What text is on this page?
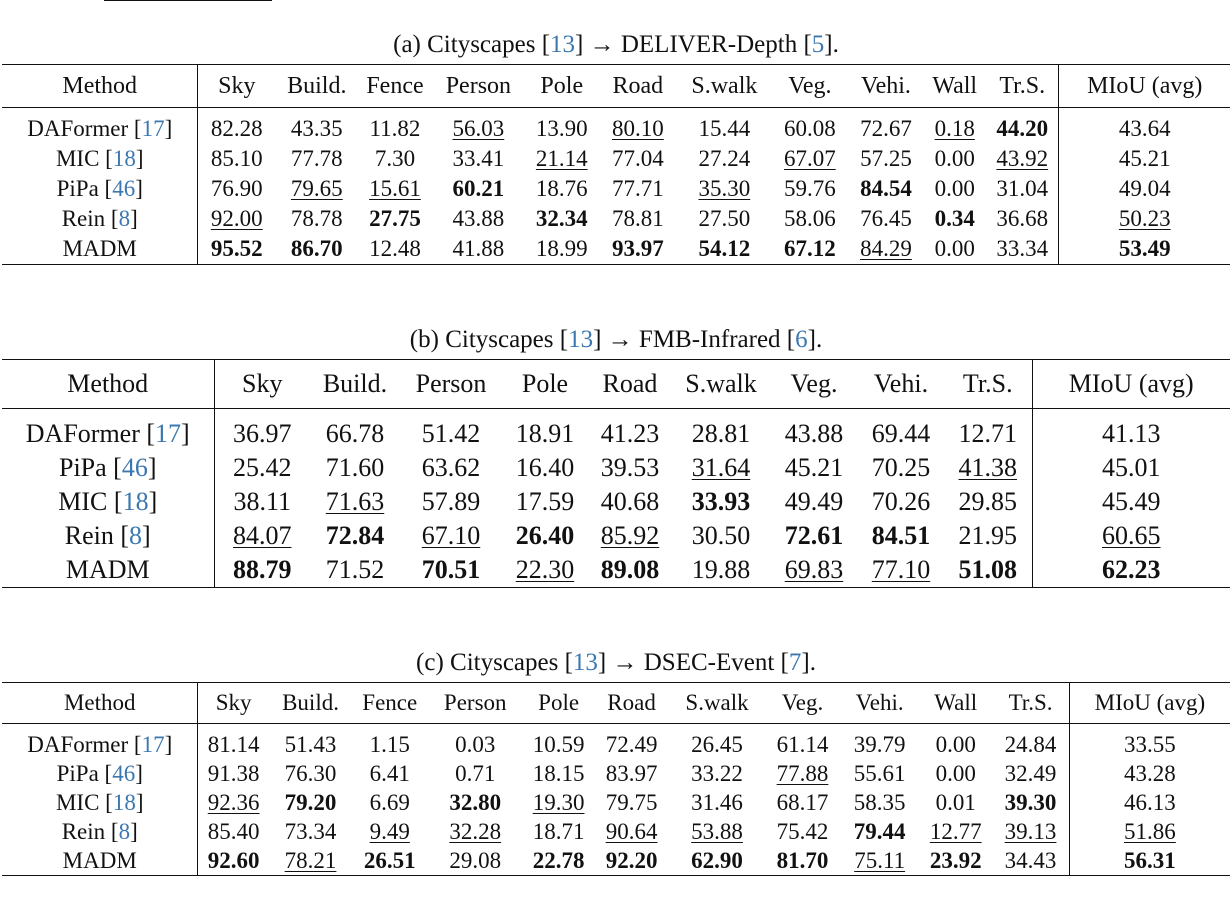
(a) Cityscapes [13] → DELIVER-Depth [5].
Method	Sky	Build.	Fence	Person	Pole	Road	S.walk	Veg.	Vehi.	Wall	Tr.S.	MIoU (avg)
DAFormer [17]	82.28	43.35	11.82	56.03	13.90	80.10	15.44	60.08	72.67	0.18	44.20	43.64
MIC [18]	85.10	77.78	7.30	33.41	21.14	77.04	27.24	67.07	57.25	0.00	43.92	45.21
PiPa [46]	76.90	79.65	15.61	60.21	18.76	77.71	35.30	59.76	84.54	0.00	31.04	49.04
Rein [8]	92.00	78.78	27.75	43.88	32.34	78.81	27.50	58.06	76.45	0.34	36.68	50.23
MADM	95.52	86.70	12.48	41.88	18.99	93.97	54.12	67.12	84.29	0.00	33.34	53.49
(b) Cityscapes [13] → FMB-Infrared [6].
Method	Sky	Build.	Person	Pole	Road	S.walk	Veg.	Vehi.	Tr.S.	MIoU (avg)
DAFormer [17]	36.97	66.78	51.42	18.91	41.23	28.81	43.88	69.44	12.71	41.13
PiPa [46]	25.42	71.60	63.62	16.40	39.53	31.64	45.21	70.25	41.38	45.01
MIC [18]	38.11	71.63	57.89	17.59	40.68	33.93	49.49	70.26	29.85	45.49
Rein [8]	84.07	72.84	67.10	26.40	85.92	30.50	72.61	84.51	21.95	60.65
MADM	88.79	71.52	70.51	22.30	89.08	19.88	69.83	77.10	51.08	62.23
(c) Cityscapes [13] → DSEC-Event [7].
Method	Sky	Build.	Fence	Person	Pole	Road	S.walk	Veg.	Vehi.	Wall	Tr.S.	MIoU (avg)
DAFormer [17]	81.14	51.43	1.15	0.03	10.59	72.49	26.45	61.14	39.79	0.00	24.84	33.55
PiPa [46]	91.38	76.30	6.41	0.71	18.15	83.97	33.22	77.88	55.61	0.00	32.49	43.28
MIC [18]	92.36	79.20	6.69	32.80	19.30	79.75	31.46	68.17	58.35	0.01	39.30	46.13
Rein [8]	85.40	73.34	9.49	32.28	18.71	90.64	53.88	75.42	79.44	12.77	39.13	51.86
MADM	92.60	78.21	26.51	29.08	22.78	92.20	62.90	81.70	75.11	23.92	34.43	56.31
